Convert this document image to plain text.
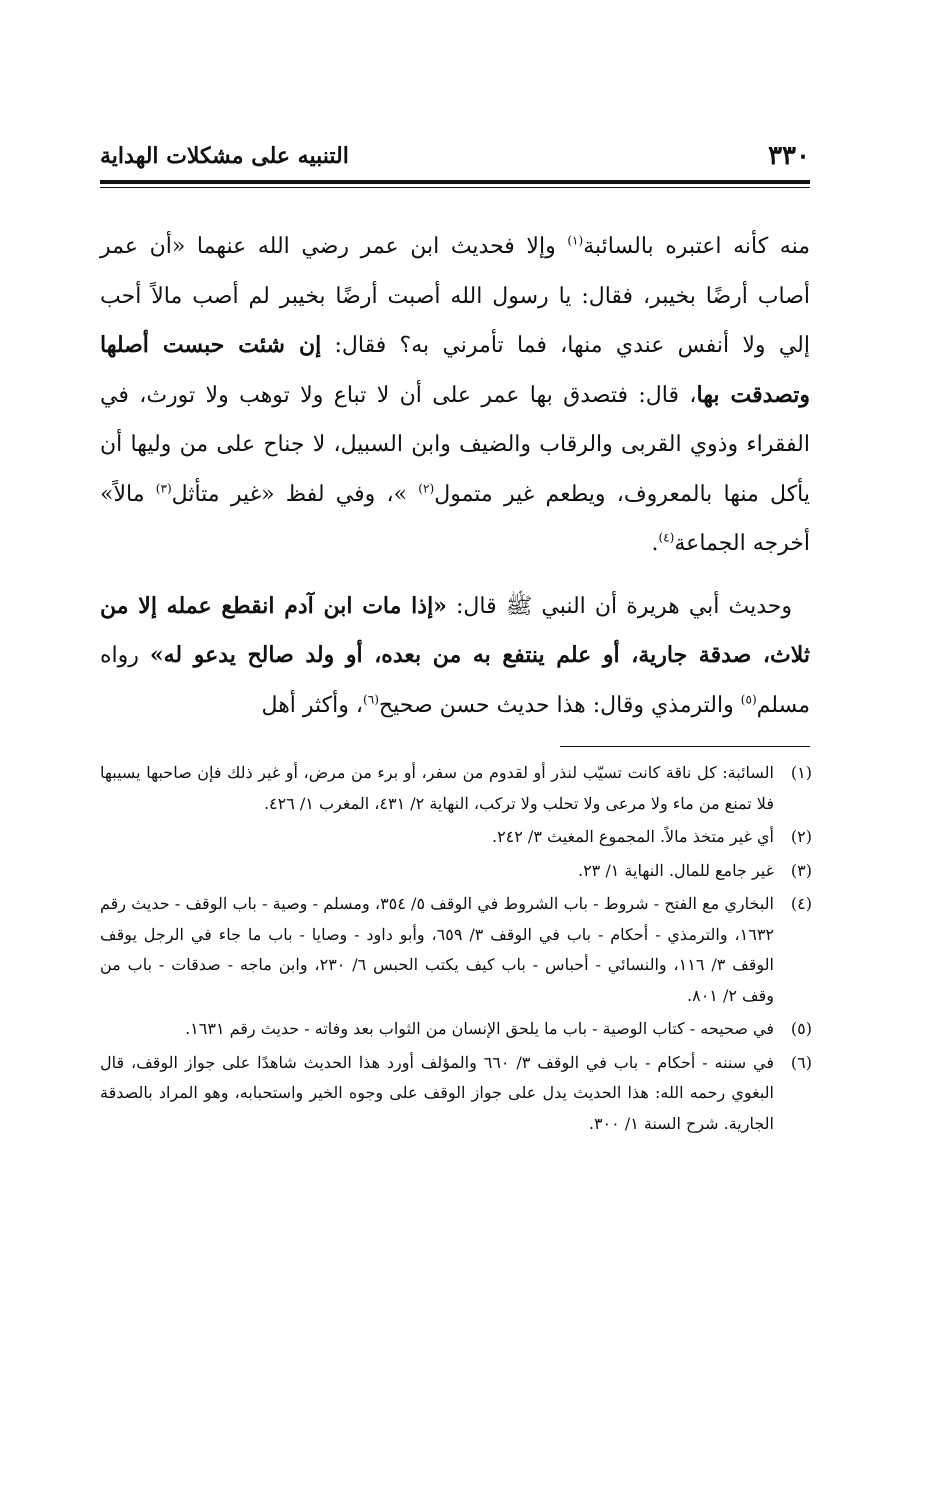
٣٣٠
التنبيه على مشكلات الهداية

منه كأنه اعتبره بالسائبة$^{(١)}$ وإلا فحديث ابن عمر رضي الله عنهما «أن عمر أصاب أرضًا بخيبر، فقال: يا رسول الله أصبت أرضًا بخيبر لم أصب مالاً أحب إلي ولا أنفس عندي منها، فما تأمرني به؟ فقال: إن شئت حبست أصلها وتصدقت بها، قال: فتصدق بها عمر على أن لا تباع ولا توهب ولا تورث، في الفقراء وذوي القربى والرقاب والضيف وابن السبيل، لا جناح على من وليها أن يأكل منها بالمعروف، ويطعم غير متمول$^{(٢)}$ »، وفي لفظ «غير متأثل$^{(٣)}$ مالاً» أخرجه الجماعة$^{(٤)}$.

وحديث أبي هريرة أن النبي ﷺ قال: «إذا مات ابن آدم انقطع عمله إلا من ثلاث، صدقة جارية، أو علم ينتفع به من بعده، أو ولد صالح يدعو له» رواه مسلم$^{(٥)}$ والترمذي وقال: هذا حديث حسن صحيح$^{(٦)}$، وأكثر أهل

(١)
السائبة: كل ناقة كانت تسيّب لنذر أو لقدوم من سفر، أو برء من مرض، أو غير ذلك فإن صاحبها يسيبها فلا تمنع من ماء ولا مرعى ولا تحلب ولا تركب، النهاية ٢/ ٤٣١، المغرب ١/ ٤٢٦.
(٢)
أي غير متخذ مالاً. المجموع المغيث ٣/ ٢٤٢.
(٣)
غير جامع للمال. النهاية ١/ ٢٣.
(٤)
البخاري مع الفتح - شروط - باب الشروط في الوقف ٥/ ٣٥٤، ومسلم - وصية - باب الوقف - حديث رقم ١٦٣٢، والترمذي - أحكام - باب في الوقف ٣/ ٦٥٩، وأبو داود - وصايا - باب ما جاء في الرجل يوقف الوقف ٣/ ١١٦، والنسائي - أحباس - باب كيف يكتب الحبس ٦/ ٢٣٠، وابن ماجه - صدقات - باب من وقف ٢/ ٨٠١.
(٥)
في صحيحه - كتاب الوصية - باب ما يلحق الإنسان من الثواب بعد وفاته - حديث رقم ١٦٣١.
(٦)
في سننه - أحكام - باب في الوقف ٣/ ٦٦٠ والمؤلف أورد هذا الحديث شاهدًا على جواز الوقف، قال البغوي رحمه الله: هذا الحديث يدل على جواز الوقف على وجوه الخير واستحبابه، وهو المراد بالصدقة الجارية. شرح السنة ١/ ٣٠٠.
